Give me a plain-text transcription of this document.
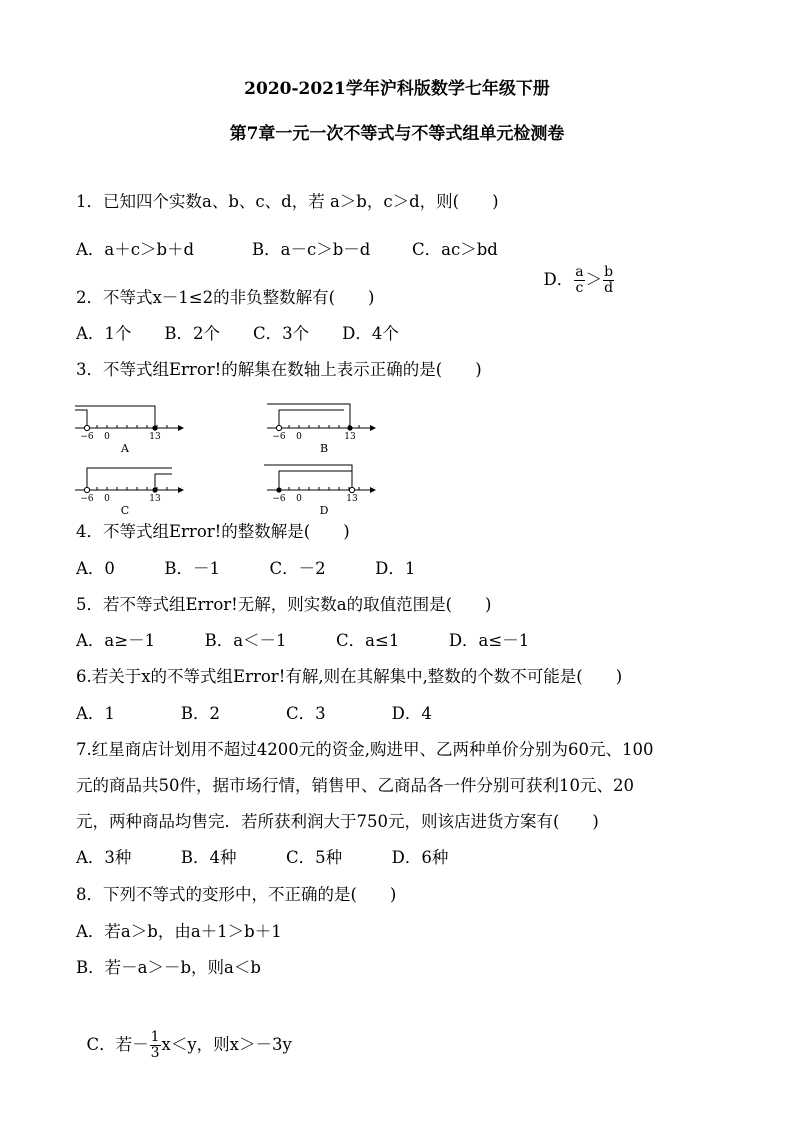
2020-2021学年沪科版数学七年级下册
第7章一元一次不等式与不等式组单元检测卷
1．已知四个实数a、b、c、d，若 a＞b，c＞d，则(　　)
A．a＋c＞b＋d	B．a－c＞b－d	C．ac＞bd

D． $\frac{a}{c} > \frac{b}{d}$

2．不等式x－1≤2的非负整数解有(　　)
A．1个　　B．2个　　C．3个　　D．4个
3．不等式组Error!的解集在数轴上表示正确的是(　　)
−6 0	13
A
−6 0	13
B
−6 0	13
C
−6 0	13
D
4．不等式组Error!的整数解是(　　)
A．0　　　B．－1　　　C．－2　　　D．1
5．若不等式组Error!无解，则实数a的取值范围是(　　)
A．a≥－1　　　B．a＜－1　　　C．a≤1　　　D．a≤－1
6.若关于x的不等式组Error!有解,则在其解集中,整数的个数不可能是(　　)
A．1　　　　B．2　　　　C．3　　　　D．4
7.红星商店计划用不超过4200元的资金,购进甲、乙两种单价分别为60元、100
元的商品共50件，据市场行情，销售甲、乙商品各一件分别可获利10元、20
元，两种商品均售完．若所获利润大于750元，则该店进货方案有(　　)
A．3种　　　B．4种　　　C．5种　　　D．6种
8．下列不等式的变形中，不正确的是(　　)
A．若a＞b，由a＋1＞b＋1
B．若－a＞－b，则a＜b

C．若－ $\frac{1}{3} x<y$，则x＞－3y
